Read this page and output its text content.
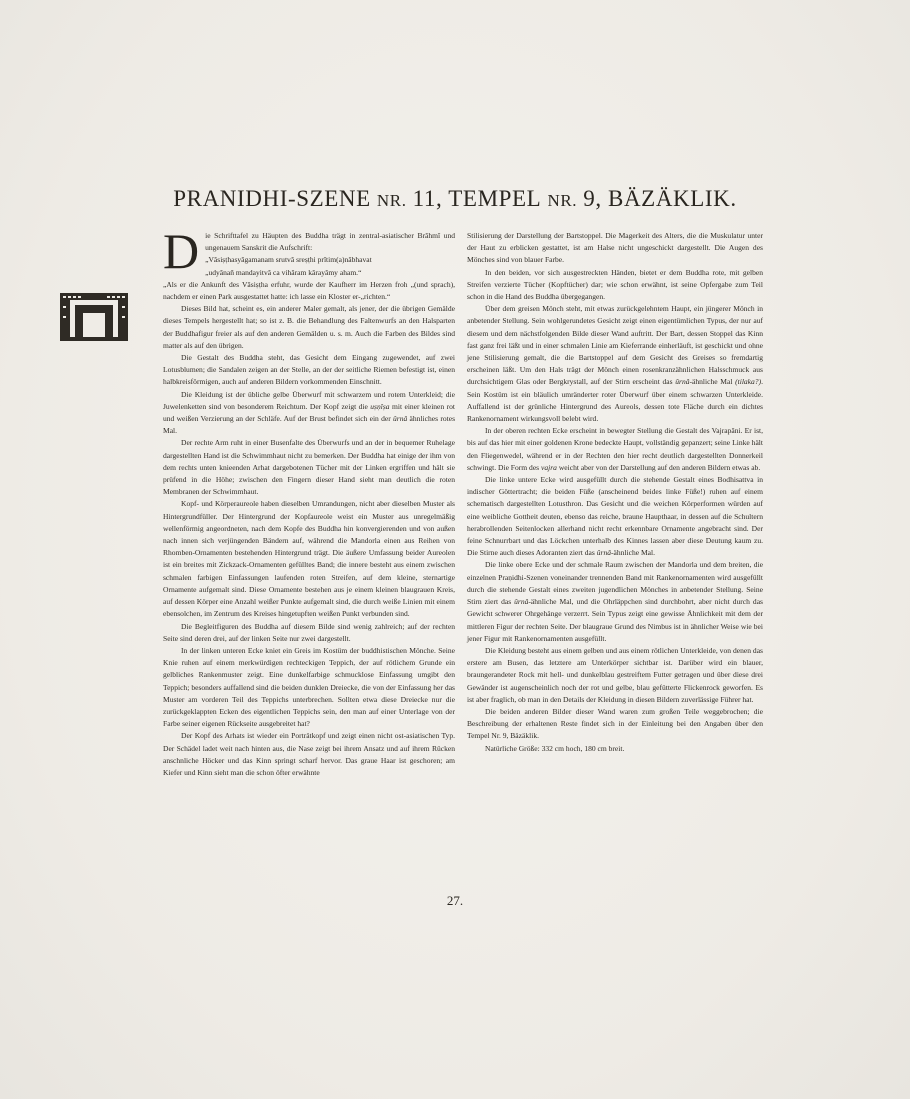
PRANIDHI-SZENE NR. 11, TEMPEL NR. 9, BÄZÄKLIK.

Die Schrifttafel zu Häupten des Buddha trägt in zentral-asiatischer Brâhmî und ungenauem Sanskrit die Aufschrift:

„Vâsiṣṭhasyâgamanam srutvâ sreṣṭhi prîtim(a)nâbhavat

„udyânañ mandayitvâ ca vihâram kârayâmy aham.“

„Als er die Ankunft des Vâsiṣṭha erfuhr, wurde der Kaufherr im Herzen froh „(und sprach), nachdem er einen Park ausgestattet hatte: ich lasse ein Kloster er-„richten.“

Dieses Bild hat, scheint es, ein anderer Maler gemalt, als jener, der die übrigen Gemälde dieses Tempels hergestellt hat; so ist z. B. die Behandlung des Faltenwurfs an den Halsparten der Buddhafigur freier als auf den anderen Gemälden u. s. m. Auch die Farben des Bildes sind matter als auf den übrigen.

Die Gestalt des Buddha steht, das Gesicht dem Eingang zugewendet, auf zwei Lotusblumen; die Sandalen zeigen an der Stelle, an der der seitliche Riemen befestigt ist, einen halbkreisförmigen, auch auf anderen Bildern vorkommenden Einschnitt.

Die Kleidung ist der übliche gelbe Überwurf mit schwarzem und rotem Unterkleid; die Juwelenketten sind von besonderem Reichtum. Der Kopf zeigt die uṣṇîṣa mit einer kleinen rot und weißen Verzierung an der Schläfe. Auf der Brust befindet sich ein der ûrnâ ähnliches rotes Mal.

Der rechte Arm ruht in einer Busenfalte des Überwurfs und an der in bequemer Ruhelage dargestellten Hand ist die Schwimmhaut nicht zu bemerken. Der Buddha hat einige der ihm von dem rechts unten knieenden Arhat dargebotenen Tücher mit der Linken ergriffen und hält sie prüfend in die Höhe; zwischen den Fingern dieser Hand sieht man deutlich die roten Membranen der Schwimmhaut.

Kopf- und Körperaureole haben dieselben Umrandungen, nicht aber dieselben Muster als Hintergrundfüller. Der Hintergrund der Kopfaureole weist ein Muster aus unregelmäßig wellenförmig angeordneten, nach dem Kopfe des Buddha hin konvergierenden und von außen nach innen sich verjüngenden Bändern auf, während die Mandorla einen aus Reihen von Rhomben-Ornamenten bestehenden Hintergrund trägt. Die äußere Umfassung beider Aureolen ist ein breites mit Zickzack-Ornamenten gefülltes Band; die innere besteht aus einem zwischen schmalen farbigen Einfassungen laufenden roten Streifen, auf dem kleine, sternartige Ornamente aufgemalt sind. Diese Ornamente bestehen aus je einem kleinen blaugrauen Kreis, auf dessen Körper eine Anzahl weißer Punkte aufgemalt sind, die durch weiße Linien mit einem ebensolchen, im Zentrum des Kreises hingetupften weißen Punkt verbunden sind.

Die Begleitfiguren des Buddha auf diesem Bilde sind wenig zahlreich; auf der rechten Seite sind deren drei, auf der linken Seite nur zwei dargestellt.

In der linken unteren Ecke kniet ein Greis im Kostüm der buddhistischen Mönche. Seine Knie ruhen auf einem merkwürdigen rechteckigen Teppich, der auf rötlichem Grunde ein gelbliches Rankenmuster zeigt. Eine dunkelfarbige schmucklose Einfassung umgibt den Teppich; besonders auffallend sind die beiden dunklen Dreiecke, die von der Einfassung her das Muster am vorderen Teil des Teppichs unterbrechen. Sollten etwa diese Dreiecke nur die zurückgeklappten Ecken des eigentlichen Teppichs sein, den man auf einer Unterlage von der Farbe seiner eigenen Rückseite ausgebreitet hat?

Der Kopf des Arhats ist wieder ein Porträtkopf und zeigt einen nicht ost-asiatischen Typ. Der Schädel ladet weit nach hinten aus, die Nase zeigt bei ihrem Ansatz und auf ihrem Rücken anschnliche Höcker und das Kinn springt scharf hervor. Das graue Haar ist geschoren; am Kiefer und Kinn sieht man die schon öfter erwähnte

Stilisierung der Darstellung der Bartstoppel. Die Magerkeit des Alters, die die Muskulatur unter der Haut zu erblicken gestattet, ist am Halse nicht ungeschickt dargestellt. Die Augen des Mönches sind von blauer Farbe.

In den beiden, vor sich ausgestreckten Händen, bietet er dem Buddha rote, mit gelben Streifen verzierte Tücher (Kopftücher) dar; wie schon erwähnt, ist seine Opfergabe zum Teil schon in die Hand des Buddha übergegangen.

Über dem greisen Mönch steht, mit etwas zurückgelehntem Haupt, ein jüngerer Mönch in anbetender Stellung. Sein wohlgerundetes Gesicht zeigt einen eigentümlichen Typus, der nur auf diesem und dem nächstfolgenden Bilde dieser Wand auftritt. Der Bart, dessen Stoppel das Kinn fast ganz frei läßt und in einer schmalen Linie am Kieferrande einherläuft, ist geschickt und ohne jene Stilisierung gemalt, die die Bartstoppel auf dem Gesicht des Greises so fremdartig erscheinen läßt. Um den Hals trägt der Mönch einen rosenkranzähnlichen Halsschmuck aus durchsichtigem Glas oder Bergkrystall, auf der Stirn erscheint das ûrnâ-ähnliche Mal (tilaka?). Sein Kostüm ist ein bläulich umränderter roter Überwurf über einem schwarzen Unterkleide. Auffallend ist der grünliche Hintergrund des Aureols, dessen tote Fläche durch ein dichtes Rankenornament wirkungsvoll belebt wird.

In der oberen rechten Ecke erscheint in bewegter Stellung die Gestalt des Vajrapâni. Er ist, bis auf das hier mit einer goldenen Krone bedeckte Haupt, vollständig gepanzert; seine Linke hält den Fliegenwedel, während er in der Rechten den hier recht deutlich dargestellten Donnerkeil schwingt. Die Form des vajra weicht aber von der Darstellung auf den anderen Bildern etwas ab.

Die linke untere Ecke wird ausgefüllt durch die stehende Gestalt eines Bodhisattva in indischer Göttertracht; die beiden Füße (anscheinend beides linke Füße!) ruhen auf einem schematisch dargestellten Lotusthron. Das Gesicht und die weichen Körperformen würden auf eine weibliche Gottheit deuten, ebenso das reiche, braune Haupthaar, in dessen auf die Schultern herabrollenden Seitenlocken allerhand nicht recht erkennbare Ornamente angebracht sind. Der feine Schnurrbart und das Löckchen unterhalb des Kinnes lassen aber diese Deutung kaum zu. Die Stirne auch dieses Adoranten ziert das ûrnâ-ähnliche Mal.

Die linke obere Ecke und der schmale Raum zwischen der Mandorla und dem breiten, die einzelnen Praṇidhi-Szenen voneinander trennenden Band mit Rankenornamenten wird ausgefüllt durch die stehende Gestalt eines zweiten jugendlichen Mönches in anbetender Stellung. Seine Stirn ziert das ûrnâ-ähnliche Mal, und die Ohrläppchen sind durchbohrt, aber nicht durch das Gewicht schwerer Ohrgehänge verzerrt. Sein Typus zeigt eine gewisse Ähnlichkeit mit dem der mittleren Figur der rechten Seite. Der blaugraue Grund des Nimbus ist in ähnlicher Weise wie bei jener Figur mit Rankenornamenten ausgefüllt.

Die Kleidung besteht aus einem gelben und aus einem rötlichen Unterkleide, von denen das erstere am Busen, das letztere am Unterkörper sichtbar ist. Darüber wird ein blauer, braungerandeter Rock mit hell- und dunkelblau gestreiftem Futter getragen und über diese drei Gewänder ist augenscheinlich noch der rot und gelbe, blau gefütterte Flickenrock geworfen. Es ist aber fraglich, ob man in den Details der Kleidung in diesen Bildern zuverlässige Führer hat.

Die beiden anderen Bilder dieser Wand waren zum großen Teile weggebrochen; die Beschreibung der erhaltenen Reste findet sich in der Einleitung bei den Angaben über den Tempel Nr. 9, Bäzäklik.

Natürliche Größe: 332 cm hoch, 180 cm breit.

27.
